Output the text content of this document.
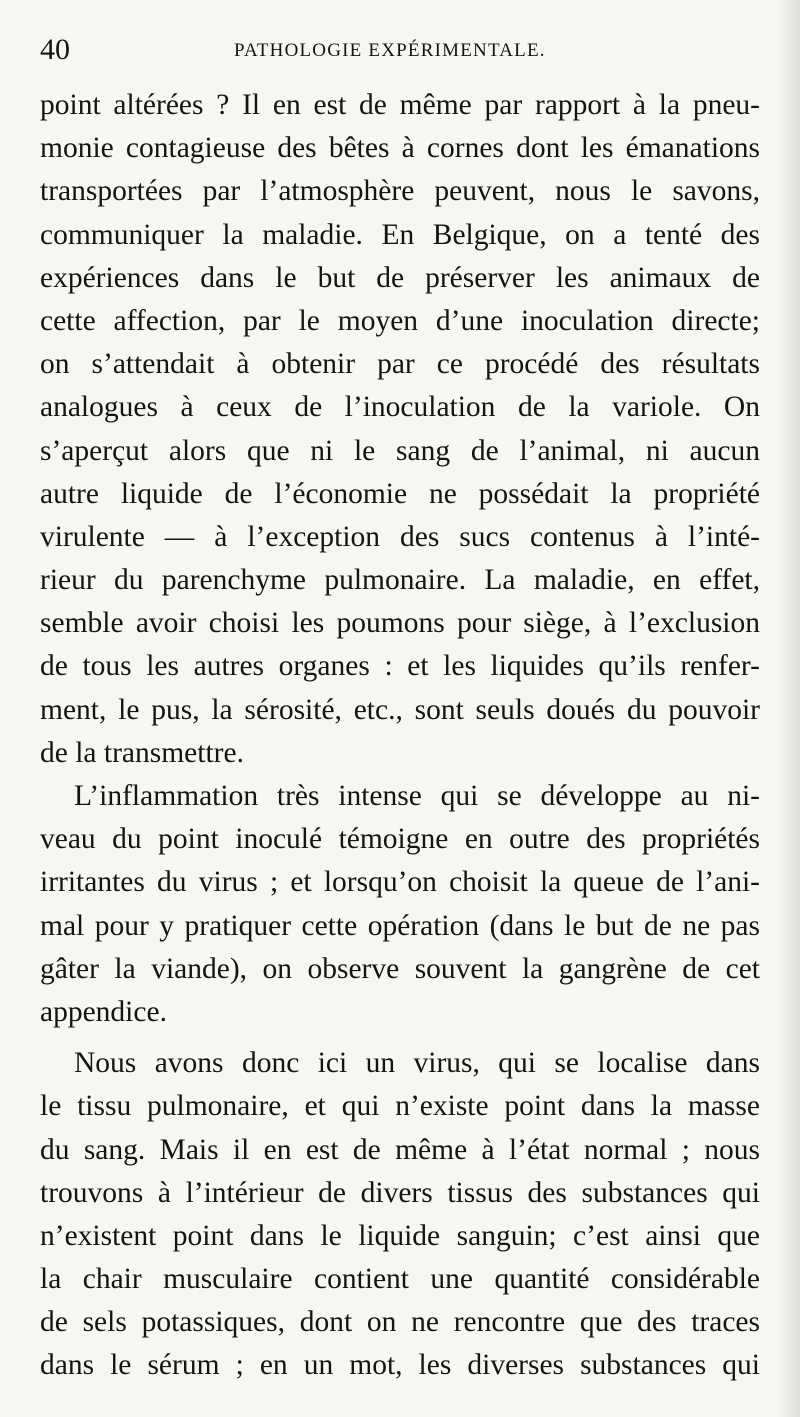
40	PATHOLOGIE EXPÉRIMENTALE.
point altérées ? Il en est de même par rapport à la pneu-
monie contagieuse des bêtes à cornes dont les émanations
transportées par l’atmosphère peuvent, nous le savons,
communiquer la maladie. En Belgique, on a tenté des
expériences dans le but de préserver les animaux de
cette affection, par le moyen d’une inoculation directe;
on s’attendait à obtenir par ce procédé des résultats
analogues à ceux de l’inoculation de la variole. On
s’aperçut alors que ni le sang de l’animal, ni aucun
autre liquide de l’économie ne possédait la propriété
virulente — à l’exception des sucs contenus à l’inté-
rieur du parenchyme pulmonaire. La maladie, en effet,
semble avoir choisi les poumons pour siège, à l’exclusion
de tous les autres organes : et les liquides qu’ils renfer-
ment, le pus, la sérosité, etc., sont seuls doués du pouvoir
de la transmettre.
L’inflammation très intense qui se développe au ni-
veau du point inoculé témoigne en outre des propriétés
irritantes du virus ; et lorsqu’on choisit la queue de l’ani-
mal pour y pratiquer cette opération (dans le but de ne pas
gâter la viande), on observe souvent la gangrène de cet
appendice.
Nous avons donc ici un virus, qui se localise dans
le tissu pulmonaire, et qui n’existe point dans la masse
du sang. Mais il en est de même à l’état normal ; nous
trouvons à l’intérieur de divers tissus des substances qui
n’existent point dans le liquide sanguin; c’est ainsi que
la chair musculaire contient une quantité considérable
de sels potassiques, dont on ne rencontre que des traces
dans le sérum ; en un mot, les diverses substances qui
